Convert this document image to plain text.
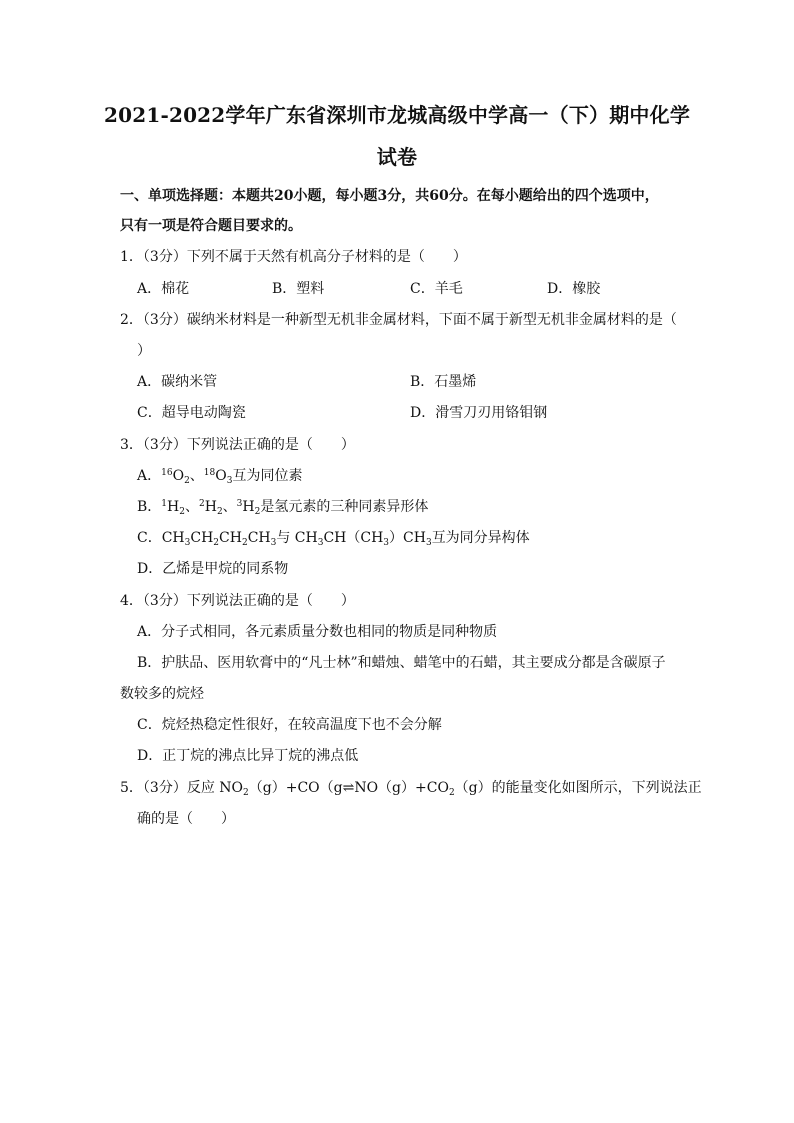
2021-2022学年广东省深圳市龙城高级中学高一（下）期中化学
试卷
一、单项选择题：本题共20小题，每小题3分，共60分。在每小题给出的四个选项中，
只有一项是符合题目要求的。
1．（3分）下列不属于天然有机高分子材料的是（　　）
A．棉花	B．塑料	C．羊毛	D．橡胶
2．（3分）碳纳米材料是一种新型无机非金属材料，下面不属于新型无机非金属材料的是（
）
A．碳纳米管	B．石墨烯
C．超导电动陶瓷	D．滑雪刀刃用铬钼钢
3．（3分）下列说法正确的是（　　）
A．$^{16}O_2$、$^{18}O_3$互为同位素
B．$^1H_2$、$^2H_2$、$^3H_2$是氢元素的三种同素异形体
C．$CH_3CH_2CH_2CH_3$与 $CH_3CH(CH_3)CH_3$互为同分异构体
D．乙烯是甲烷的同系物
4．（3分）下列说法正确的是（　　）
A．分子式相同，各元素质量分数也相同的物质是同种物质
B．护肤品、医用软膏中的“凡士林”和蜡烛、蜡笔中的石蜡，其主要成分都是含碳原子
数较多的烷烃
C．烷烃热稳定性很好，在较高温度下也不会分解
D．正丁烷的沸点比异丁烷的沸点低
5．（3分）反应 $NO_2(g)+CO(g\rightleftharpoons NO(g)+CO_2(g)$的能量变化如图所示，下列说法正
确的是（　　）
